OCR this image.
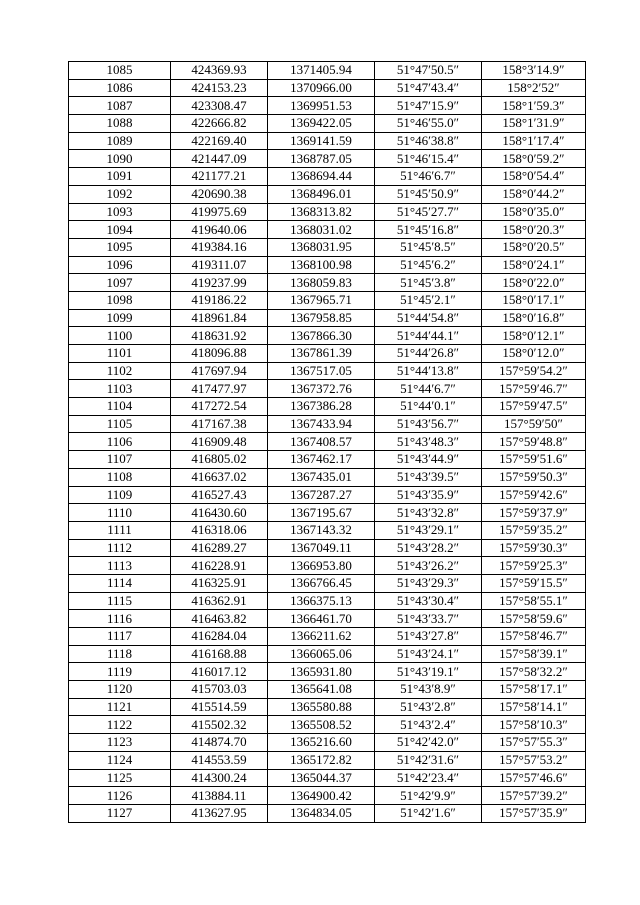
1085	424369.93	1371405.94	51°47′50.5″	158°3′14.9″
1086	424153.23	1370966.00	51°47′43.4″	158°2′52″
1087	423308.47	1369951.53	51°47′15.9″	158°1′59.3″
1088	422666.82	1369422.05	51°46′55.0″	158°1′31.9″
1089	422169.40	1369141.59	51°46′38.8″	158°1′17.4″
1090	421447.09	1368787.05	51°46′15.4″	158°0′59.2″
1091	421177.21	1368694.44	51°46′6.7″	158°0′54.4″
1092	420690.38	1368496.01	51°45′50.9″	158°0′44.2″
1093	419975.69	1368313.82	51°45′27.7″	158°0′35.0″
1094	419640.06	1368031.02	51°45′16.8″	158°0′20.3″
1095	419384.16	1368031.95	51°45′8.5″	158°0′20.5″
1096	419311.07	1368100.98	51°45′6.2″	158°0′24.1″
1097	419237.99	1368059.83	51°45′3.8″	158°0′22.0″
1098	419186.22	1367965.71	51°45′2.1″	158°0′17.1″
1099	418961.84	1367958.85	51°44′54.8″	158°0′16.8″
1100	418631.92	1367866.30	51°44′44.1″	158°0′12.1″
1101	418096.88	1367861.39	51°44′26.8″	158°0′12.0″
1102	417697.94	1367517.05	51°44′13.8″	157°59′54.2″
1103	417477.97	1367372.76	51°44′6.7″	157°59′46.7″
1104	417272.54	1367386.28	51°44′0.1″	157°59′47.5″
1105	417167.38	1367433.94	51°43′56.7″	157°59′50″
1106	416909.48	1367408.57	51°43′48.3″	157°59′48.8″
1107	416805.02	1367462.17	51°43′44.9″	157°59′51.6″
1108	416637.02	1367435.01	51°43′39.5″	157°59′50.3″
1109	416527.43	1367287.27	51°43′35.9″	157°59′42.6″
1110	416430.60	1367195.67	51°43′32.8″	157°59′37.9″
1111	416318.06	1367143.32	51°43′29.1″	157°59′35.2″
1112	416289.27	1367049.11	51°43′28.2″	157°59′30.3″
1113	416228.91	1366953.80	51°43′26.2″	157°59′25.3″
1114	416325.91	1366766.45	51°43′29.3″	157°59′15.5″
1115	416362.91	1366375.13	51°43′30.4″	157°58′55.1″
1116	416463.82	1366461.70	51°43′33.7″	157°58′59.6″
1117	416284.04	1366211.62	51°43′27.8″	157°58′46.7″
1118	416168.88	1366065.06	51°43′24.1″	157°58′39.1″
1119	416017.12	1365931.80	51°43′19.1″	157°58′32.2″
1120	415703.03	1365641.08	51°43′8.9″	157°58′17.1″
1121	415514.59	1365580.88	51°43′2.8″	157°58′14.1″
1122	415502.32	1365508.52	51°43′2.4″	157°58′10.3″
1123	414874.70	1365216.60	51°42′42.0″	157°57′55.3″
1124	414553.59	1365172.82	51°42′31.6″	157°57′53.2″
1125	414300.24	1365044.37	51°42′23.4″	157°57′46.6″
1126	413884.11	1364900.42	51°42′9.9″	157°57′39.2″
1127	413627.95	1364834.05	51°42′1.6″	157°57′35.9″
